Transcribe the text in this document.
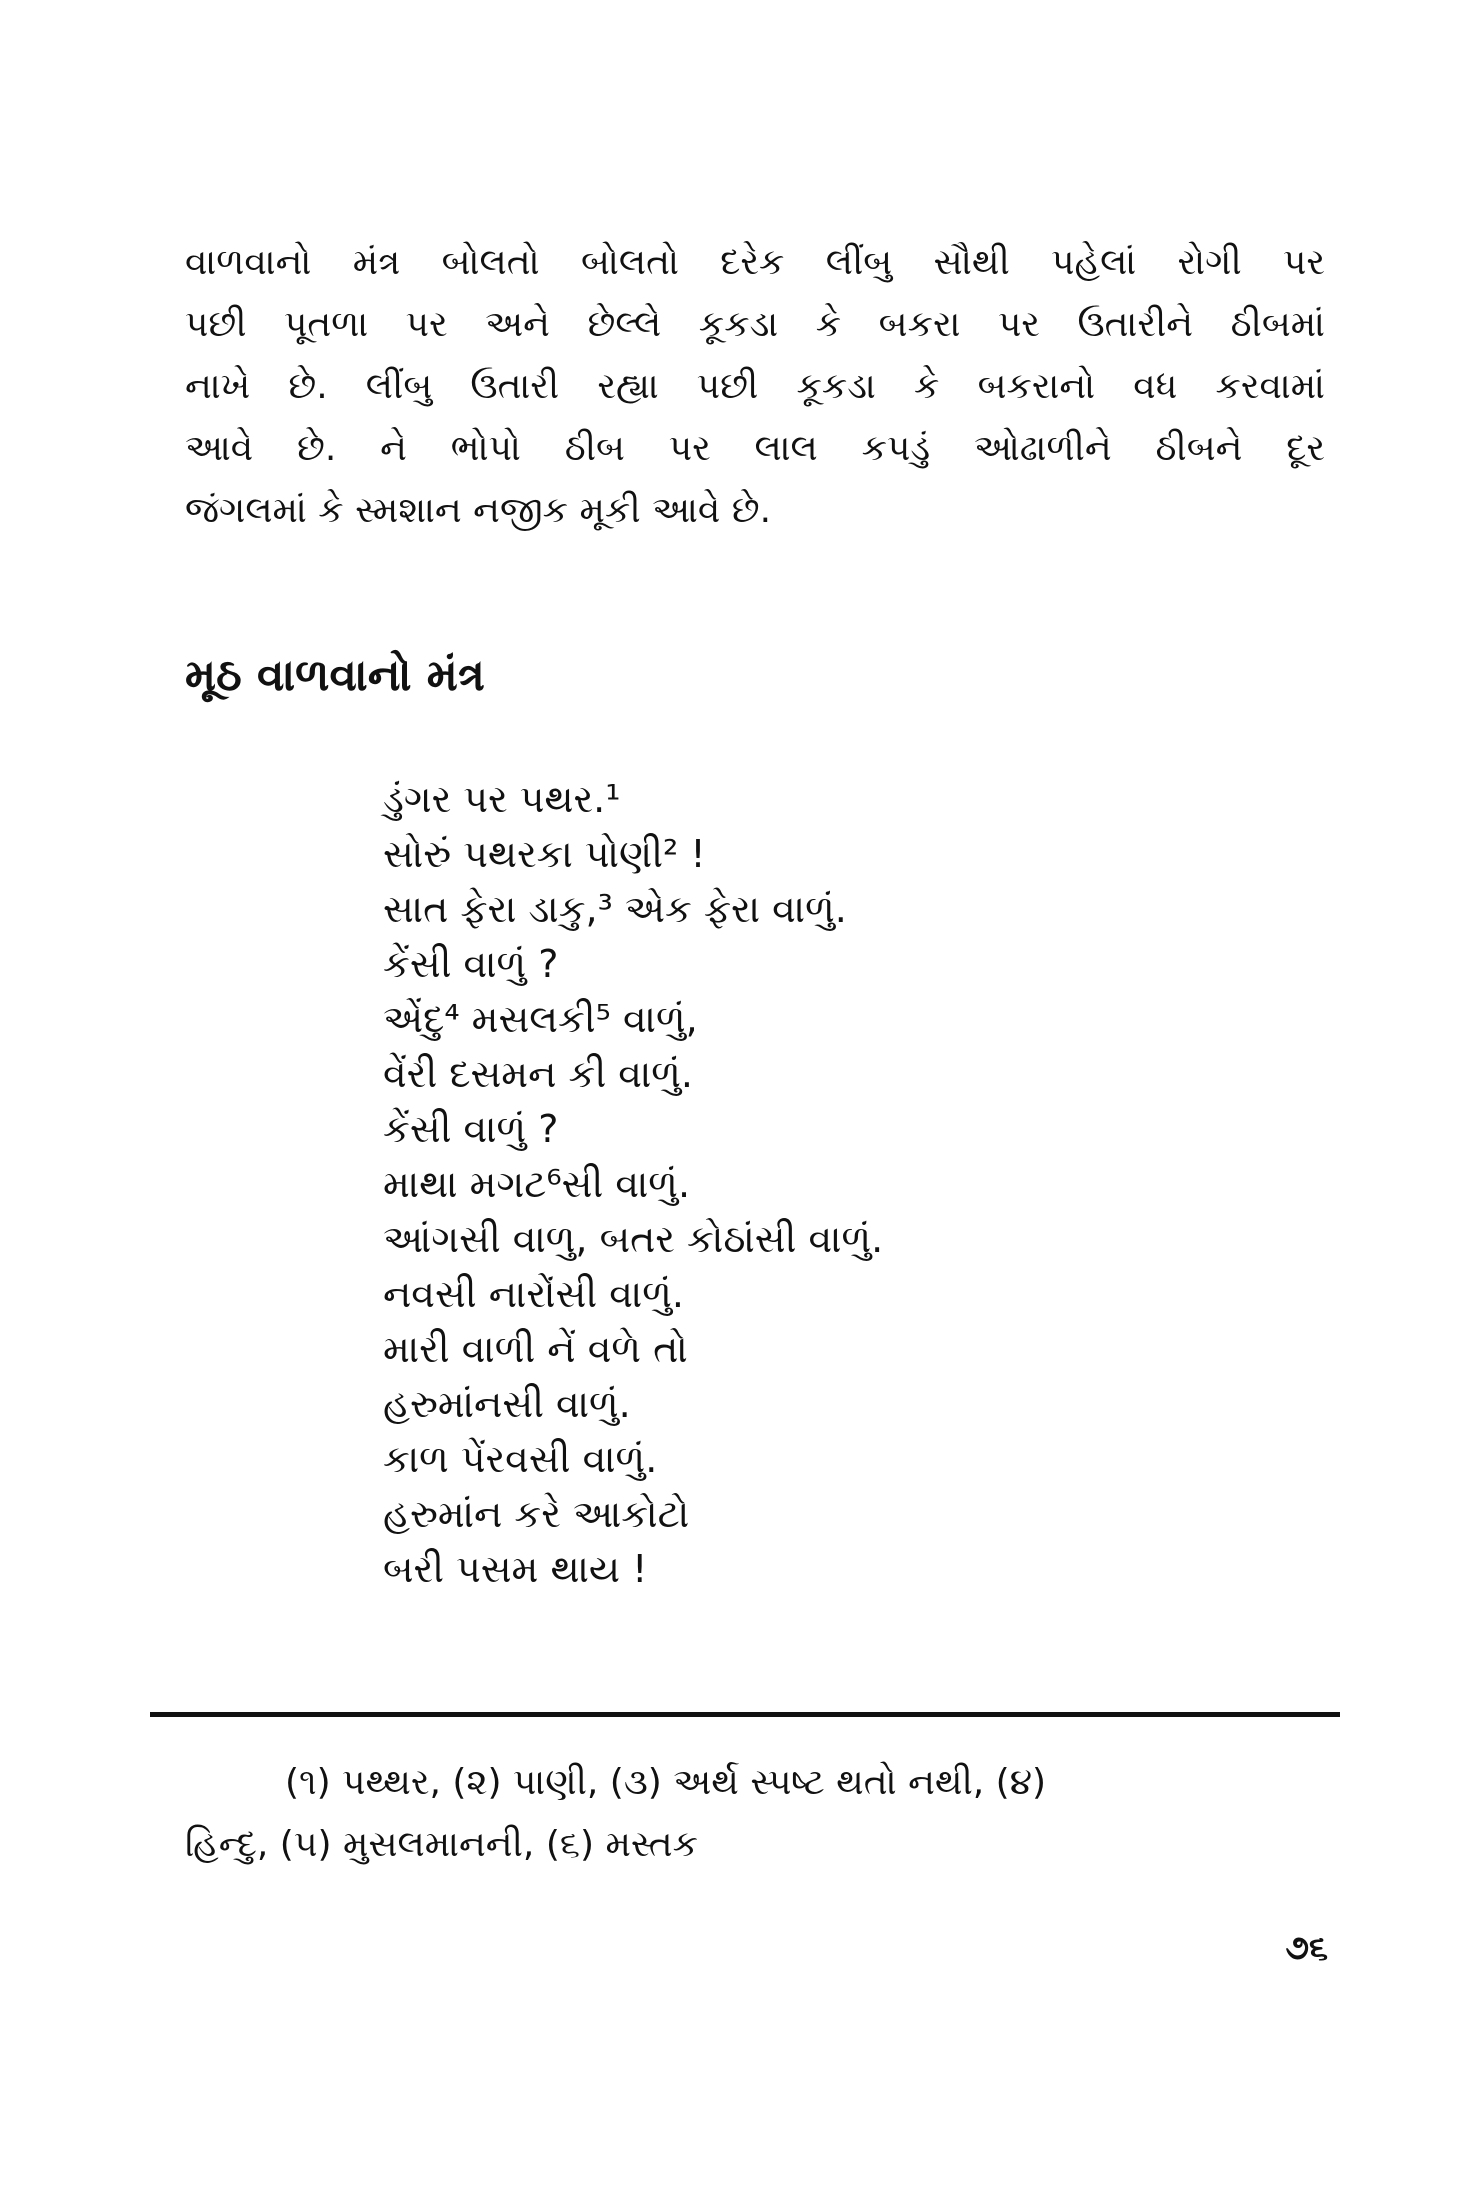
વાળવાનો મંત્ર બોલતો બોલતો દરેક લીંબુ સૌથી પહેલાં રોગી પર
પછી પૂતળા પર અને છેલ્લે કૂકડા કે બકરા પર ઉતારીને ઠીબમાં
નાખે છે. લીંબુ ઉતારી રહ્યા પછી કૂકડા કે બકરાનો વધ કરવામાં
આવે છે. ને ભોપો ઠીબ પર લાલ કપડું ઓઢાળીને ઠીબને દૂર
જંગલમાં કે સ્મશાન નજીક મૂકી આવે છે.
મૂઠ વાળવાનો મંત્ર
ડુંગર પર પથર.¹
સોરું પથરકા પોણી² !
સાત ફેરા ડાકુ,³ એક ફેરા વાળું.
કેંસી વાળું ?
એંદુ⁴ મસલકી⁵ વાળું,
વેંરી દસમન કી વાળું.
કેંસી વાળું ?
માથા મગટ⁶સી વાળું.
આંગસી વાળુ, બતર કોઠાંસી વાળું.
નવસી નારોંસી વાળું.
મારી વાળી નેં વળે તો
હરુમાંનસી વાળું.
કાળ પેંરવસી વાળું.
હરુમાંન કરે આકોટો
બરી પસમ થાય !
(૧) પથ્થર, (૨) પાણી, (૩) અર્થ સ્પષ્ટ થતો નથી, (૪)
હિન્દુ, (૫) મુસલમાનની, (૬) મસ્તક
૭૬
